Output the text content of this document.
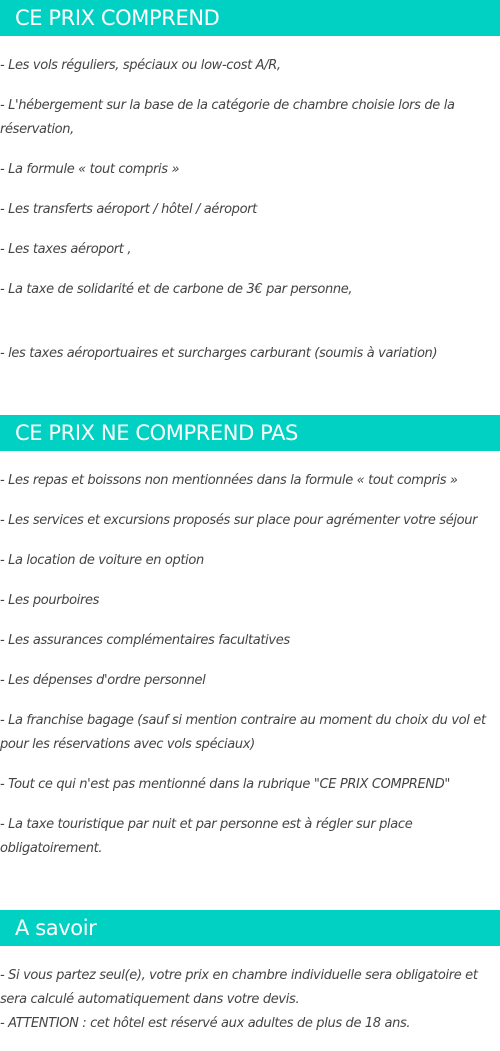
CE PRIX COMPREND
- Les vols réguliers, spéciaux ou low-cost A/R,
- L'hébergement sur la base de la catégorie de chambre choisie lors de la réservation,
- La formule « tout compris »
- Les transferts aéroport / hôtel / aéroport
- Les taxes aéroport ,
- La taxe de solidarité et de carbone de 3€ par personne,
- les taxes aéroportuaires et surcharges carburant (soumis à variation)
CE PRIX NE COMPREND PAS
- Les repas et boissons non mentionnées dans la formule « tout compris »
- Les services et excursions proposés sur place pour agrémenter votre séjour
- La location de voiture en option
- Les pourboires
- Les assurances complémentaires facultatives
- Les dépenses d'ordre personnel
- La franchise bagage (sauf si mention contraire au moment du choix du vol et pour les réservations avec vols spéciaux)
- Tout ce qui n'est pas mentionné dans la rubrique "CE PRIX COMPREND"
- La taxe touristique par nuit et par personne est à régler sur place obligatoirement.
A savoir
- Si vous partez seul(e), votre prix en chambre individuelle sera obligatoire et sera calculé automatiquement dans votre devis.
- ATTENTION : cet hôtel est réservé aux adultes de plus de 18 ans.
